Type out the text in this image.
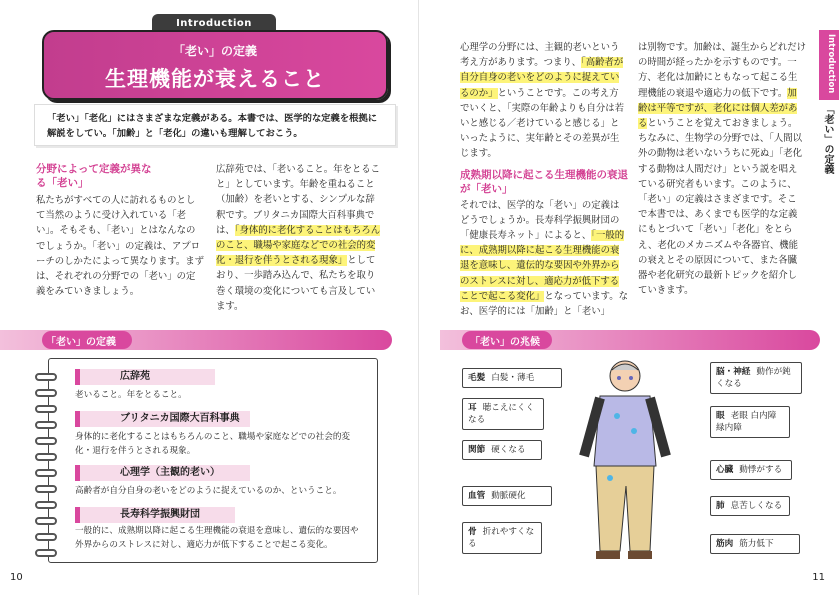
Introduction
「老い」の定義
生理機能が衰えること
「老い」「老化」にはさまざまな定義がある。本書では、医学的な定義を根拠に解説をしてい。「加齢」と「老化」の違いも理解しておこう。
分野によって定義が異なる「老い」
私たちがすべての人に訪れるものとして当然のように受け入れている「老い」。そもそも、「老い」とはなんなのでしょうか。「老い」の定義は、アプローチのしかたによって異なります。まずは、それぞれの分野での「老い」の定義をみていきましょう。
広辞苑では、「老いること。年をとること」としています。年齢を重ねること（加齢）を老いとする、シンプルな辞釈です。ブリタニカ国際大百科事典では、「身体的に老化することはもちろんのこと、職場や家庭などでの社会的変化・退行を伴うとされる現象」としており、一歩踏み込んで、私たちを取り巻く環境の変化についても言及しています。
「老い」の定義
広辞苑
老いること。年をとること。
ブリタニカ国際大百科事典
身体的に老化することはもちろんのこと、職場や家庭などでの社会的変化・退行を伴うとされる現象。
心理学（主観的老い）
高齢者が自分自身の老いをどのように捉えているのか、ということ。
長寿科学振興財団
一般的に、成熟期以降に起こる生理機能の衰退を意味し、遺伝的な要因や外界からのストレスに対し、適応力が低下することで起こる変化。
10
心理学の分野には、主観的老いという考え方があります。つまり、「高齢者が自分自身の老いをどのように捉えているのか」ということです。この考え方でいくと、「実際の年齢よりも自分は若いと感じる／老けていると感じる」といったように、実年齢とその差異が生じます。
成熟期以降に起こる生理機能の衰退が「老い」
それでは、医学的な「老い」の定義はどうでしょうか。長寿科学振興財団の「健康長寿ネット」によると、「一般的に、成熟期以降に起こる生理機能の衰退を意味し、遺伝的な要因や外界からのストレスに対し、適応力が低下することで起こる変化」となっています。なお、医学的には「加齢」と「老い」
は別物です。加齢は、誕生からどれだけの時間が経ったかを示すものです。一方、老化は加齢にともなって起こる生理機能の衰退や適応力の低下です。加齢は平等ですが、老化には個人差があるということを覚えておきましょう。ちなみに、生物学の分野では、「人間以外の動物は老いないうちに死ぬ」「老化する動物は人間だけ」という説を唱えている研究者もいます。このように、「老い」の定義はさまざまです。そこで本書では、あくまでも医学的な定義にもとづいて「老い」「老化」をとらえ、老化のメカニズムや各器官、機能の衰えとその原因について、また各臓器や老化研究の最新トピックを紹介していきます。
Introduction
「老い」の定義
「老い」の兆候
毛髪 白髪・薄毛
耳 聴こえにくくなる
関節 硬くなる
血管 動脈硬化
骨 折れやすくなる
脳・神経 動作が鈍くなる
眼 老眼 白内障 緑内障
心臓 動悸がする
肺 息苦しくなる
筋肉 筋力低下
11
